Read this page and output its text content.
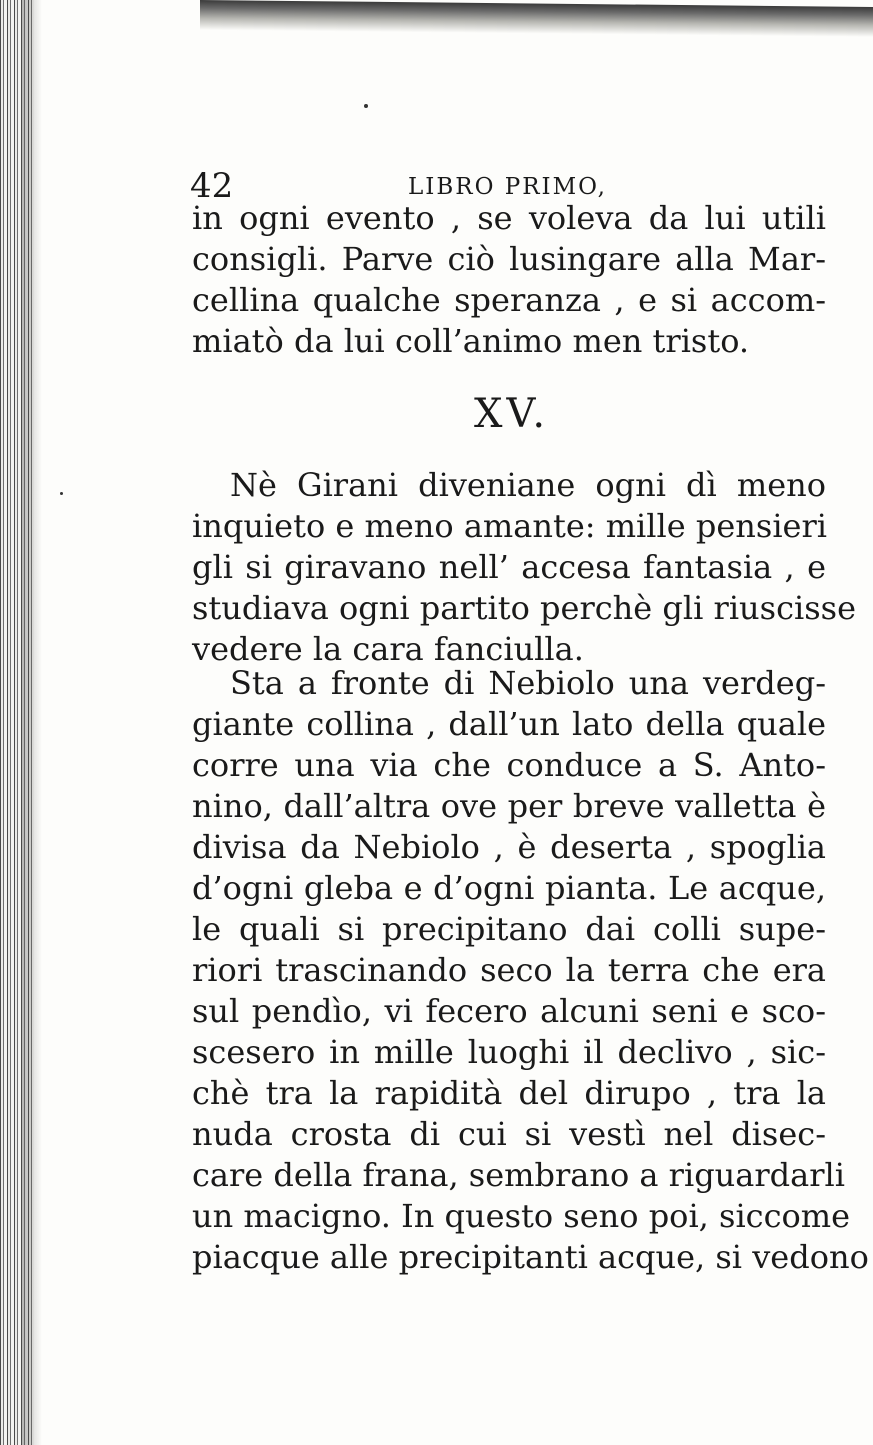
42	LIBRO PRIMO,
in ogni evento , se voleva da lui utili
consigli. Parve ciò lusingare alla Mar-
cellina qualche speranza , e si accom-
miatò da lui coll’animo men tristo.
XV.
Nè Girani diveniane ogni dì meno
inquieto e meno amante: mille pensieri
gli si giravano nell’ accesa fantasia , e
studiava ogni partito perchè gli riuscisse
vedere la cara fanciulla.
Sta a fronte di Nebiolo una verdeg-
giante collina , dall’un lato della quale
corre una via che conduce a S. Anto-
nino, dall’altra ove per breve valletta è
divisa da Nebiolo , è deserta , spoglia
d’ogni gleba e d’ogni pianta. Le acque,
le quali si precipitano dai colli supe-
riori trascinando seco la terra che era
sul pendìo, vi fecero alcuni seni e sco-
scesero in mille luoghi il declivo , sic-
chè tra la rapidità del dirupo , tra la
nuda crosta di cui si vestì nel disec-
care della frana, sembrano a riguardarli
un macigno. In questo seno poi, siccome
piacque alle precipitanti acque, si vedono
